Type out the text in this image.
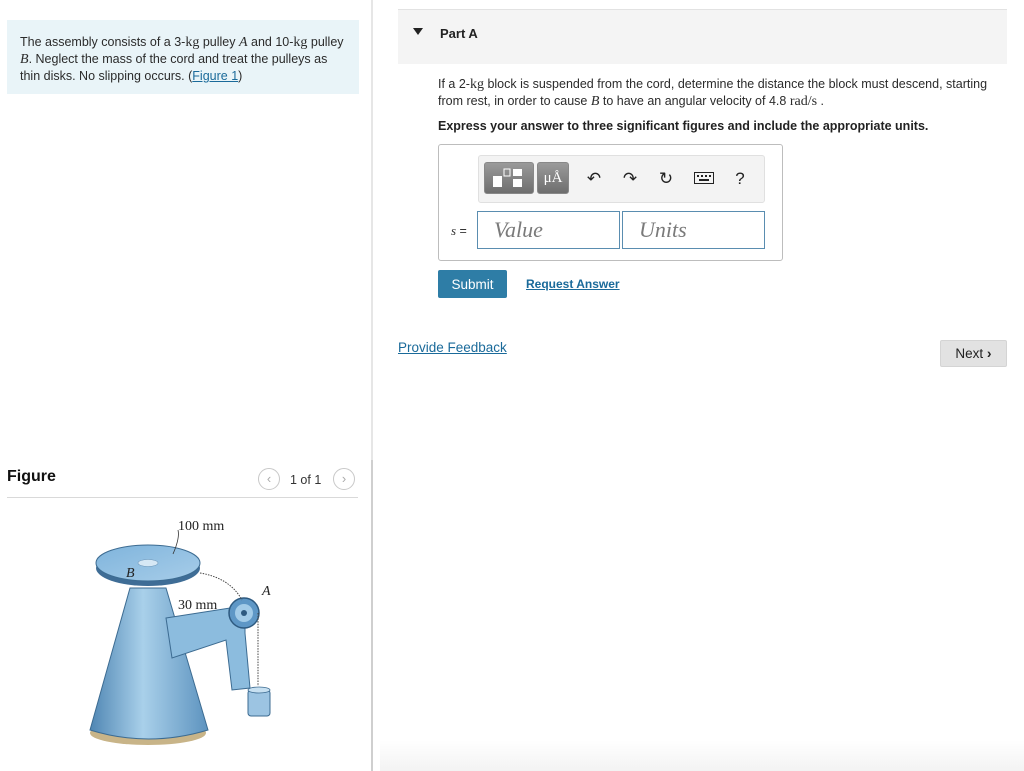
The assembly consists of a 3-kg pulley A and 10-kg pulley B. Neglect the mass of the cord and treat the pulleys as thin disks. No slipping occurs. (Figure 1)
Figure	‹	1 of 1	›
100 mm
30 mm
B
A
Part A
If a 2-kg block is suspended from the cord, determine the distance the block must descend, starting from rest, in order to cause B to have an angular velocity of 4.8 rad/s .
Express your answer to three significant figures and include the appropriate units.
μÅ	↶ ↷ ↻	?
s =
Value
Units
Submit	Request Answer
Provide Feedback	Next ›
